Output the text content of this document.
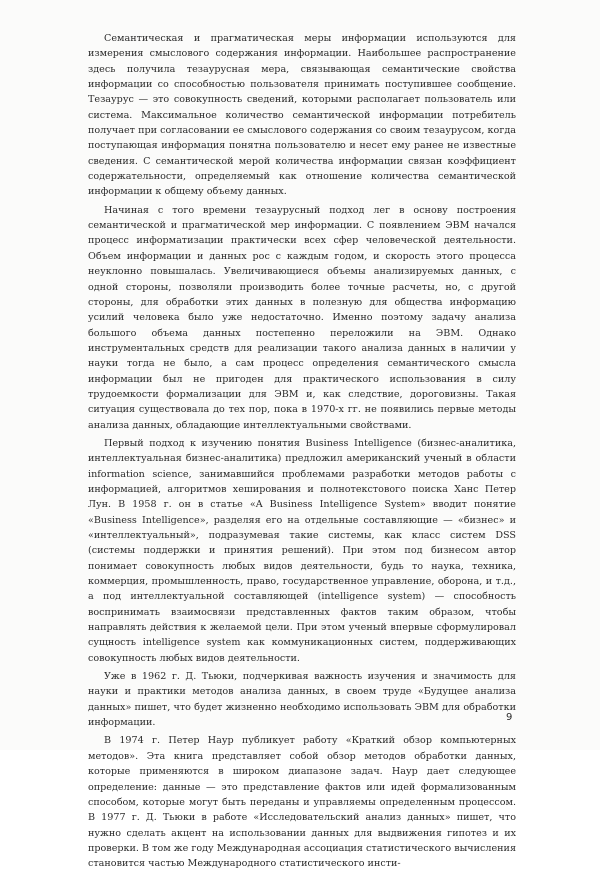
Семантическая и прагматическая меры информации используются для измерения смыслового содержания информации. Наибольшее распространение здесь получила тезаурусная мера, связывающая семантические свойства информации со способностью пользователя принимать поступившее сообщение. Тезаурус — это совокупность сведений, которыми располагает пользователь или система. Максимальное количество семантической информации потребитель получает при согласовании ее смыслового содержания со своим тезаурусом, когда поступающая информация понятна пользователю и несет ему ранее не известные сведения. С семантической мерой количества информации связан коэффициент содержательности, определяемый как отношение количества семантической информации к общему объему данных.

Начиная с того времени тезаурусный подход лег в основу построения семантической и прагматической мер информации. С появлением ЭВМ начался процесс информатизации практически всех сфер человеческой деятельности. Объем информации и данных рос с каждым годом, и скорость этого процесса неуклонно повышалась. Увеличивающиеся объемы анализируемых данных, с одной стороны, позволяли производить более точные расчеты, но, с другой стороны, для обработки этих данных в полезную для общества информацию усилий человека было уже недостаточно. Именно поэтому задачу анализа большого объема данных постепенно переложили на ЭВМ. Однако инструментальных средств для реализации такого анализа данных в наличии у науки тогда не было, а сам процесс определения семантического смысла информации был не пригоден для практического использования в силу трудоемкости формализации для ЭВМ и, как следствие, дороговизны. Такая ситуация существовала до тех пор, пока в 1970-х гг. не появились первые методы анализа данных, обладающие интеллектуальными свойствами.

Первый подход к изучению понятия Business Intelligence (бизнес-аналитика, интеллектуальная бизнес-аналитика) предложил американский ученый в области information science, занимавшийся проблемами разработки методов работы с информацией, алгоритмов хеширования и полнотекстового поиска Ханс Петер Лун. В 1958 г. он в статье «A Business Intelligence System» вводит понятие «Business Intelligence», разделяя его на отдельные составляющие — «бизнес» и «интеллектуальный», подразумевая такие системы, как класс систем DSS (системы поддержки и принятия решений). При этом под бизнесом автор понимает совокупность любых видов деятельности, будь то наука, техника, коммерция, промышленность, право, государственное управление, оборона, и т.д., а под интеллектуальной составляющей (intelligence system) — способность воспринимать взаимосвязи представленных фактов таким образом, чтобы направлять действия к желаемой цели. При этом ученый впервые сформулировал сущность intelligence system как коммуникационных систем, поддерживающих совокупность любых видов деятельности.

Уже в 1962 г. Д. Тьюки, подчеркивая важность изучения и значимость для науки и практики методов анализа данных, в своем труде «Будущее анализа данных» пишет, что будет жизненно необходимо использовать ЭВМ для обработки информации.

В 1974 г. Петер Наур публикует работу «Краткий обзор компьютерных методов». Эта книга представляет собой обзор методов обработки данных, которые применяются в широком диапазоне задач. Наур дает следующее определение: данные — это представление фактов или идей формализованным способом, которые могут быть переданы и управляемы определенным процессом. В 1977 г. Д. Тьюки в работе «Исследовательский анализ данных» пишет, что нужно сделать акцент на использовании данных для выдвижения гипотез и их проверки. В том же году Международная ассоциация статистического вычисления становится частью Международного статистического инсти-

9
